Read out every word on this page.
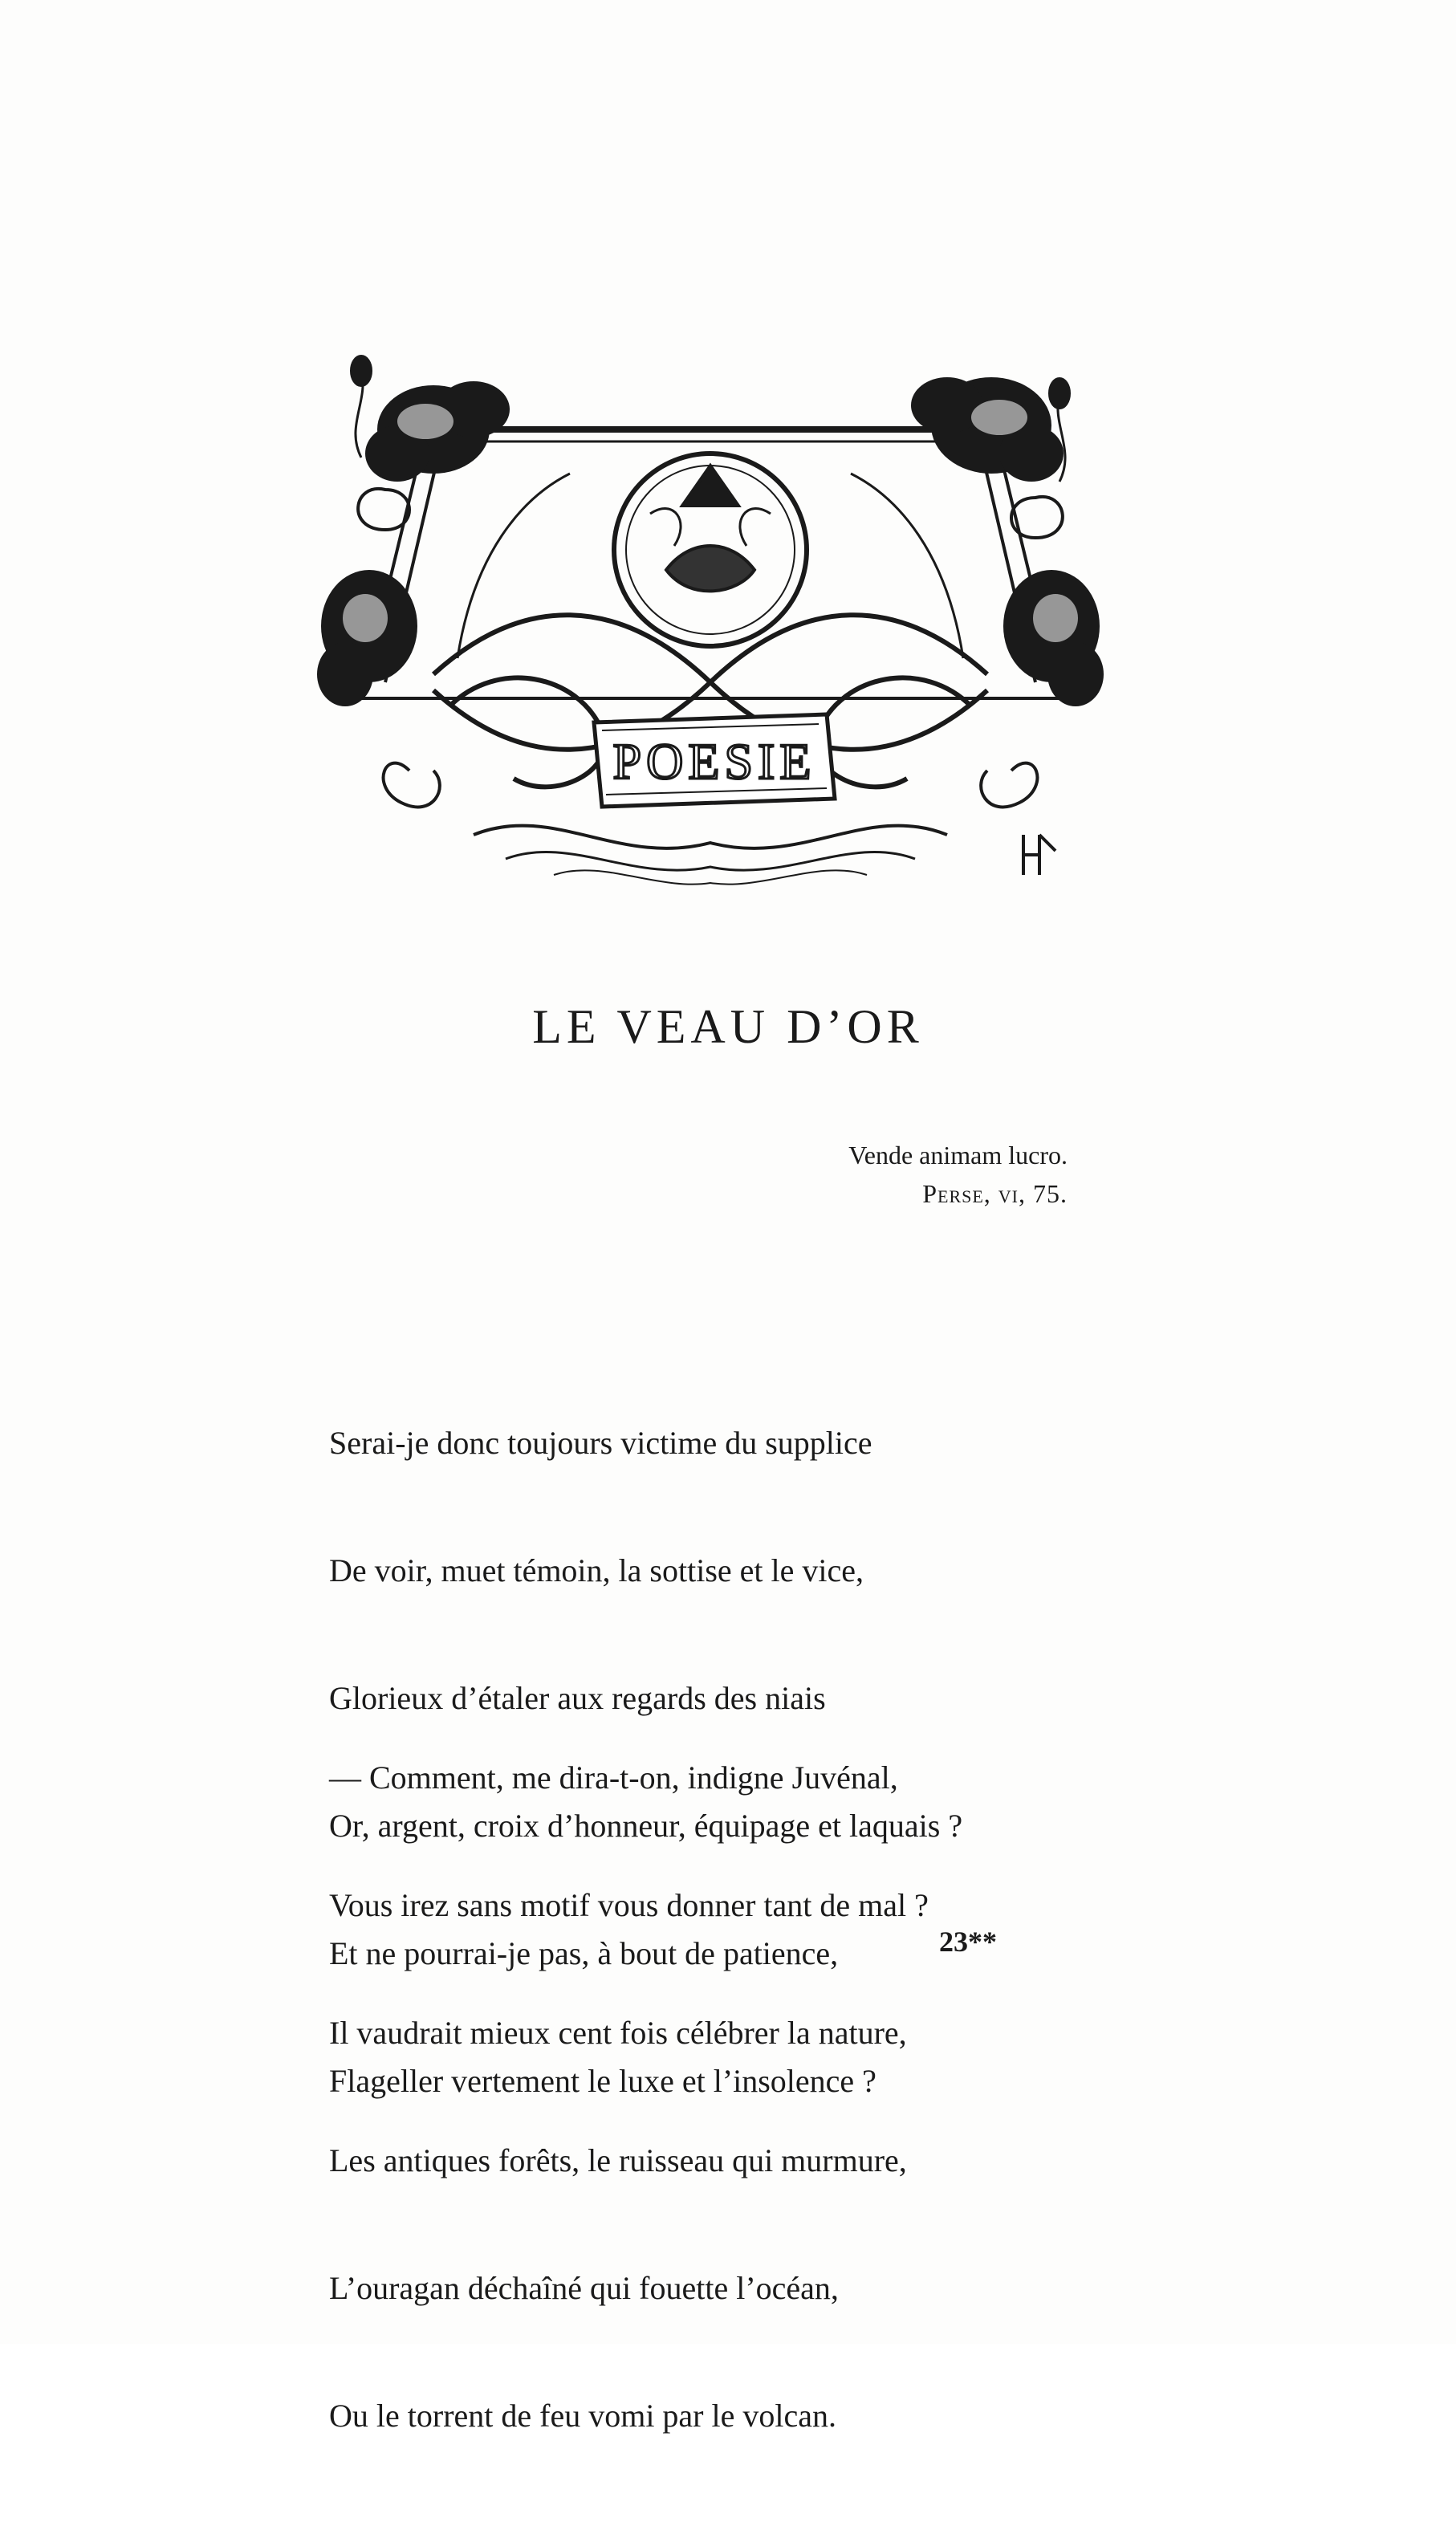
POESIE
LE VEAU D’OR
Vende animam lucro.
Perse, vi, 75.

Serai-je donc toujours victime du supplice

De voir, muet témoin, la sottise et le vice,

Glorieux d’étaler aux regards des niais

Or, argent, croix d’honneur, équipage et laquais ?

Et ne pourrai-je pas, à bout de patience,

Flageller vertement le luxe et l’insolence ?

— Comment, me dira-t-on, indigne Juvénal,

Vous irez sans motif vous donner tant de mal ?

Il vaudrait mieux cent fois célébrer la nature,

Les antiques forêts, le ruisseau qui murmure,

L’ouragan déchaîné qui fouette l’océan,

Ou le torrent de feu vomi par le volcan.

23**
